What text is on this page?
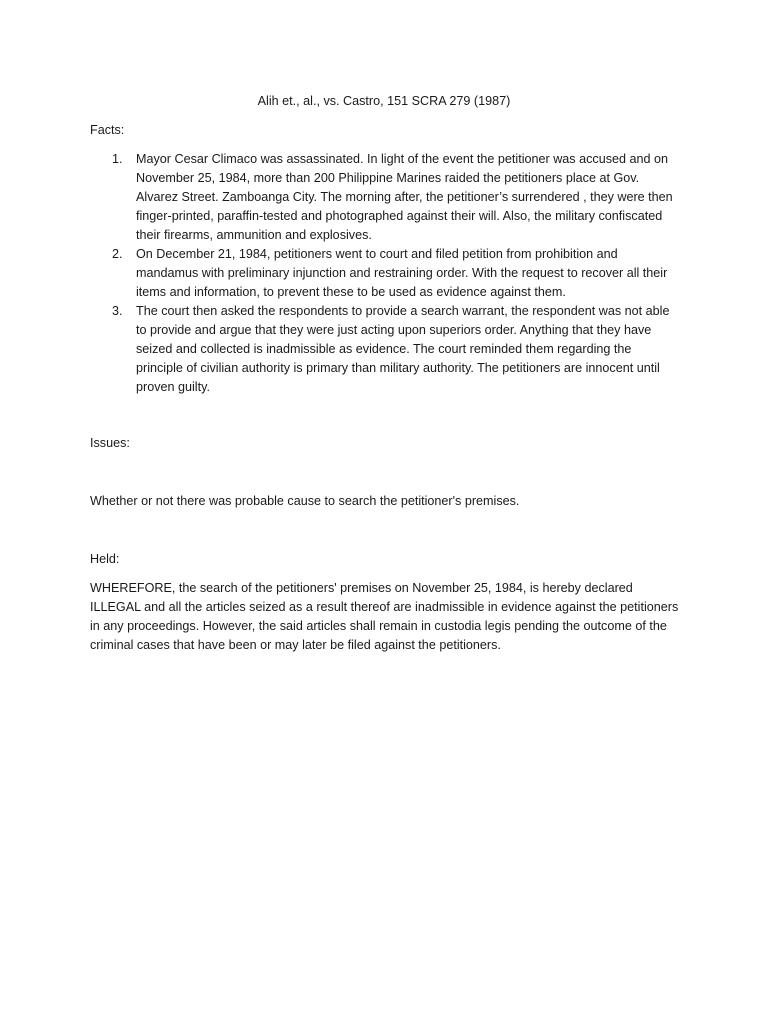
Alih et., al., vs. Castro, 151 SCRA 279 (1987)

Facts:

1. Mayor Cesar Climaco was assassinated. In light of the event the petitioner was accused and on November 25, 1984, more than 200 Philippine Marines raided the petitioners place at Gov. Alvarez Street. Zamboanga City. The morning after, the petitioner’s surrendered , they were then finger-printed, paraffin-tested and photographed against their will. Also, the military confiscated their firearms, ammunition and explosives.
2. On December 21, 1984, petitioners went to court and filed petition from prohibition and mandamus with preliminary injunction and restraining order. With the request to recover all their items and information, to prevent these to be used as evidence against them.
3. The court then asked the respondents to provide a search warrant, the respondent was not able to provide and argue that they were just acting upon superiors order. Anything that they have seized and collected is inadmissible as evidence. The court reminded them regarding the principle of civilian authority is primary than military authority. The petitioners are innocent until proven guilty.

Issues:

Whether or not there was probable cause to search the petitioner's premises.

Held:

WHEREFORE, the search of the petitioners' premises on November 25, 1984, is hereby declared ILLEGAL and all the articles seized as a result thereof are inadmissible in evidence against the petitioners in any proceedings. However, the said articles shall remain in custodia legis pending the outcome of the criminal cases that have been or may later be filed against the petitioners.
